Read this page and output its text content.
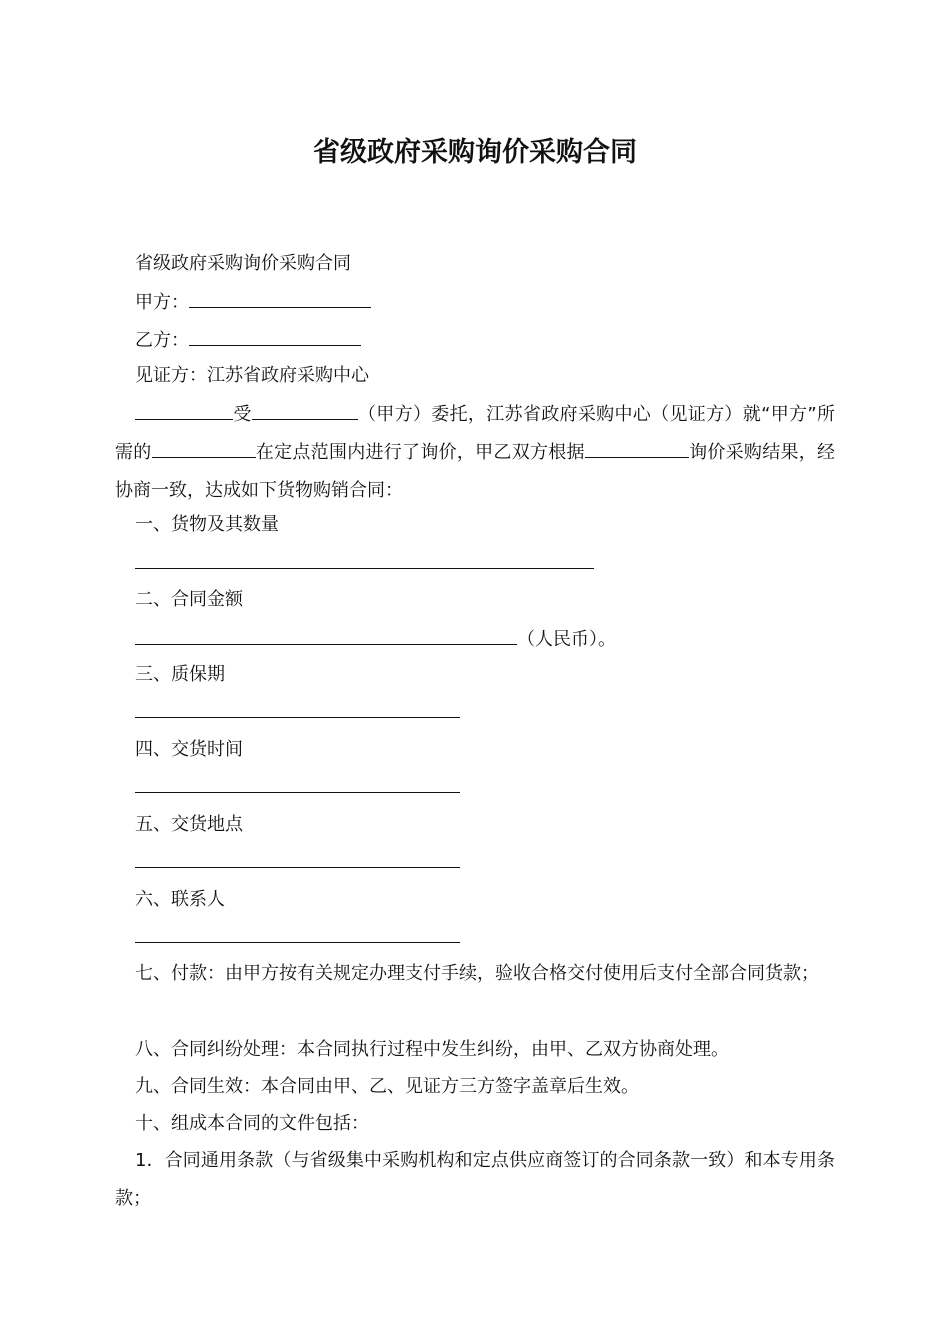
省级政府采购询价采购合同
省级政府采购询价采购合同
甲方：
乙方：
见证方：江苏省政府采购中心
受	（甲方）委托，江苏省政府采购中心（见证方）就“甲方”所需的	在定点范围内进行了询价，甲乙双方根据	询价采购结果，经协商一致，达成如下货物购销合同：
一、货物及其数量
二、合同金额
（人民币）。
三、质保期
四、交货时间
五、交货地点
六、联系人
七、付款：由甲方按有关规定办理支付手续，验收合格交付使用后支付全部合同货款；
八、合同纠纷处理：本合同执行过程中发生纠纷，由甲、乙双方协商处理。
九、合同生效：本合同由甲、乙、见证方三方签字盖章后生效。
十、组成本合同的文件包括：
1．合同通用条款（与省级集中采购机构和定点供应商签订的合同条款一致）和本专用条款；
